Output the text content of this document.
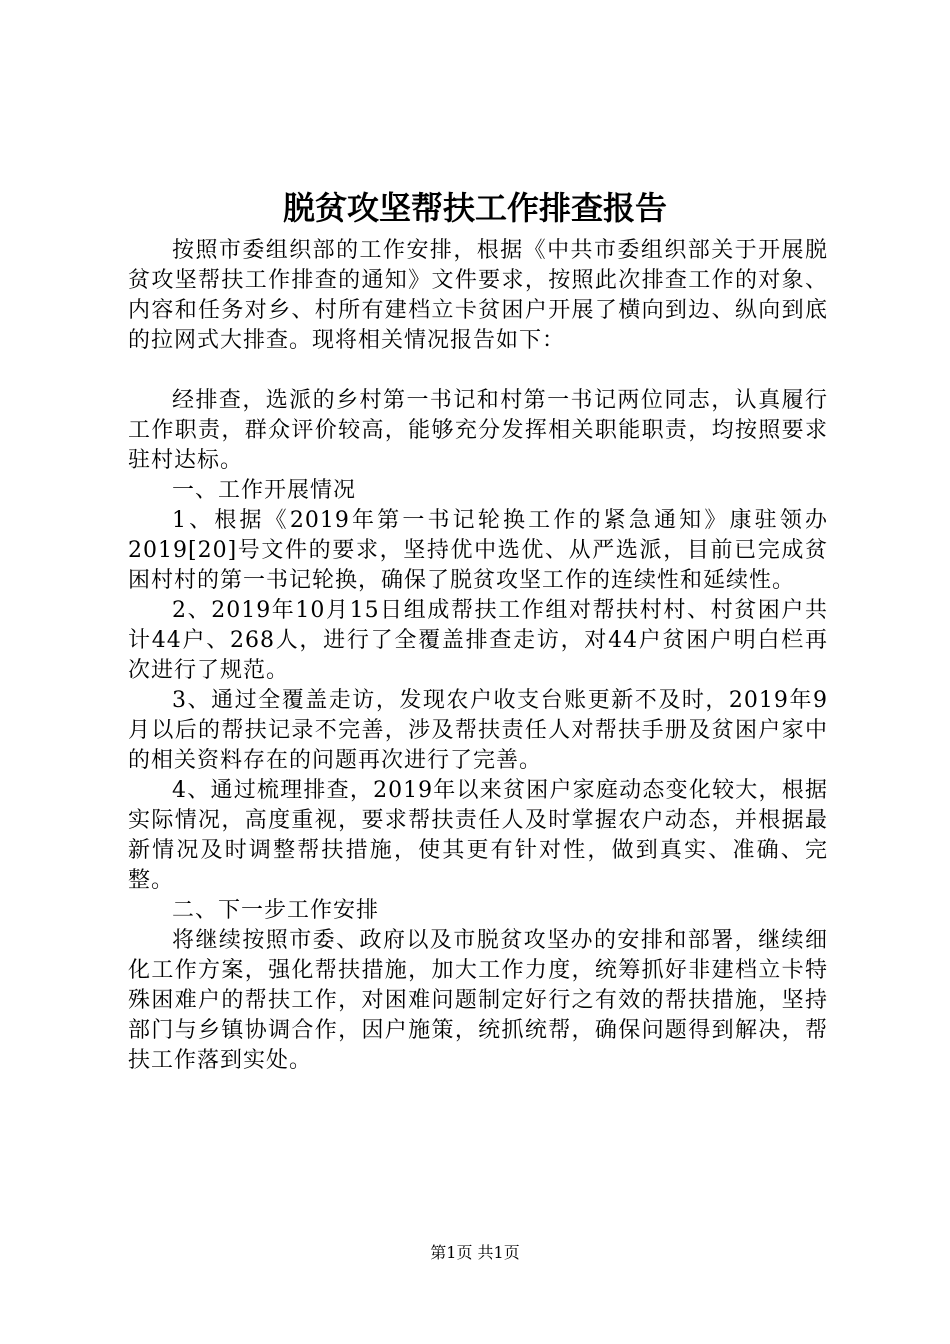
脱贫攻坚帮扶工作排查报告

按照市委组织部的工作安排，根据《中共市委组织部关于开展脱贫攻坚帮扶工作排查的通知》文件要求，按照此次排查工作的对象、内容和任务对乡、村所有建档立卡贫困户开展了横向到边、纵向到底的拉网式大排查。现将相关情况报告如下：

经排查，选派的乡村第一书记和村第一书记两位同志，认真履行工作职责，群众评价较高，能够充分发挥相关职能职责，均按照要求驻村达标。

一、工作开展情况

1、根据《2019年第一书记轮换工作的紧急通知》康驻领办2019[20]号文件的要求，坚持优中选优、从严选派，目前已完成贫困村村的第一书记轮换，确保了脱贫攻坚工作的连续性和延续性。

2、2019年10月15日组成帮扶工作组对帮扶村村、村贫困户共计44户、268人，进行了全覆盖排查走访，对44户贫困户明白栏再次进行了规范。

3、通过全覆盖走访，发现农户收支台账更新不及时，2019年9月以后的帮扶记录不完善，涉及帮扶责任人对帮扶手册及贫困户家中的相关资料存在的问题再次进行了完善。

4、通过梳理排查，2019年以来贫困户家庭动态变化较大，根据实际情况，高度重视，要求帮扶责任人及时掌握农户动态，并根据最新情况及时调整帮扶措施，使其更有针对性，做到真实、准确、完整。

二、下一步工作安排

将继续按照市委、政府以及市脱贫攻坚办的安排和部署，继续细化工作方案，强化帮扶措施，加大工作力度，统筹抓好非建档立卡特殊困难户的帮扶工作，对困难问题制定好行之有效的帮扶措施，坚持部门与乡镇协调合作，因户施策，统抓统帮，确保问题得到解决，帮扶工作落到实处。

第1页 共1页
